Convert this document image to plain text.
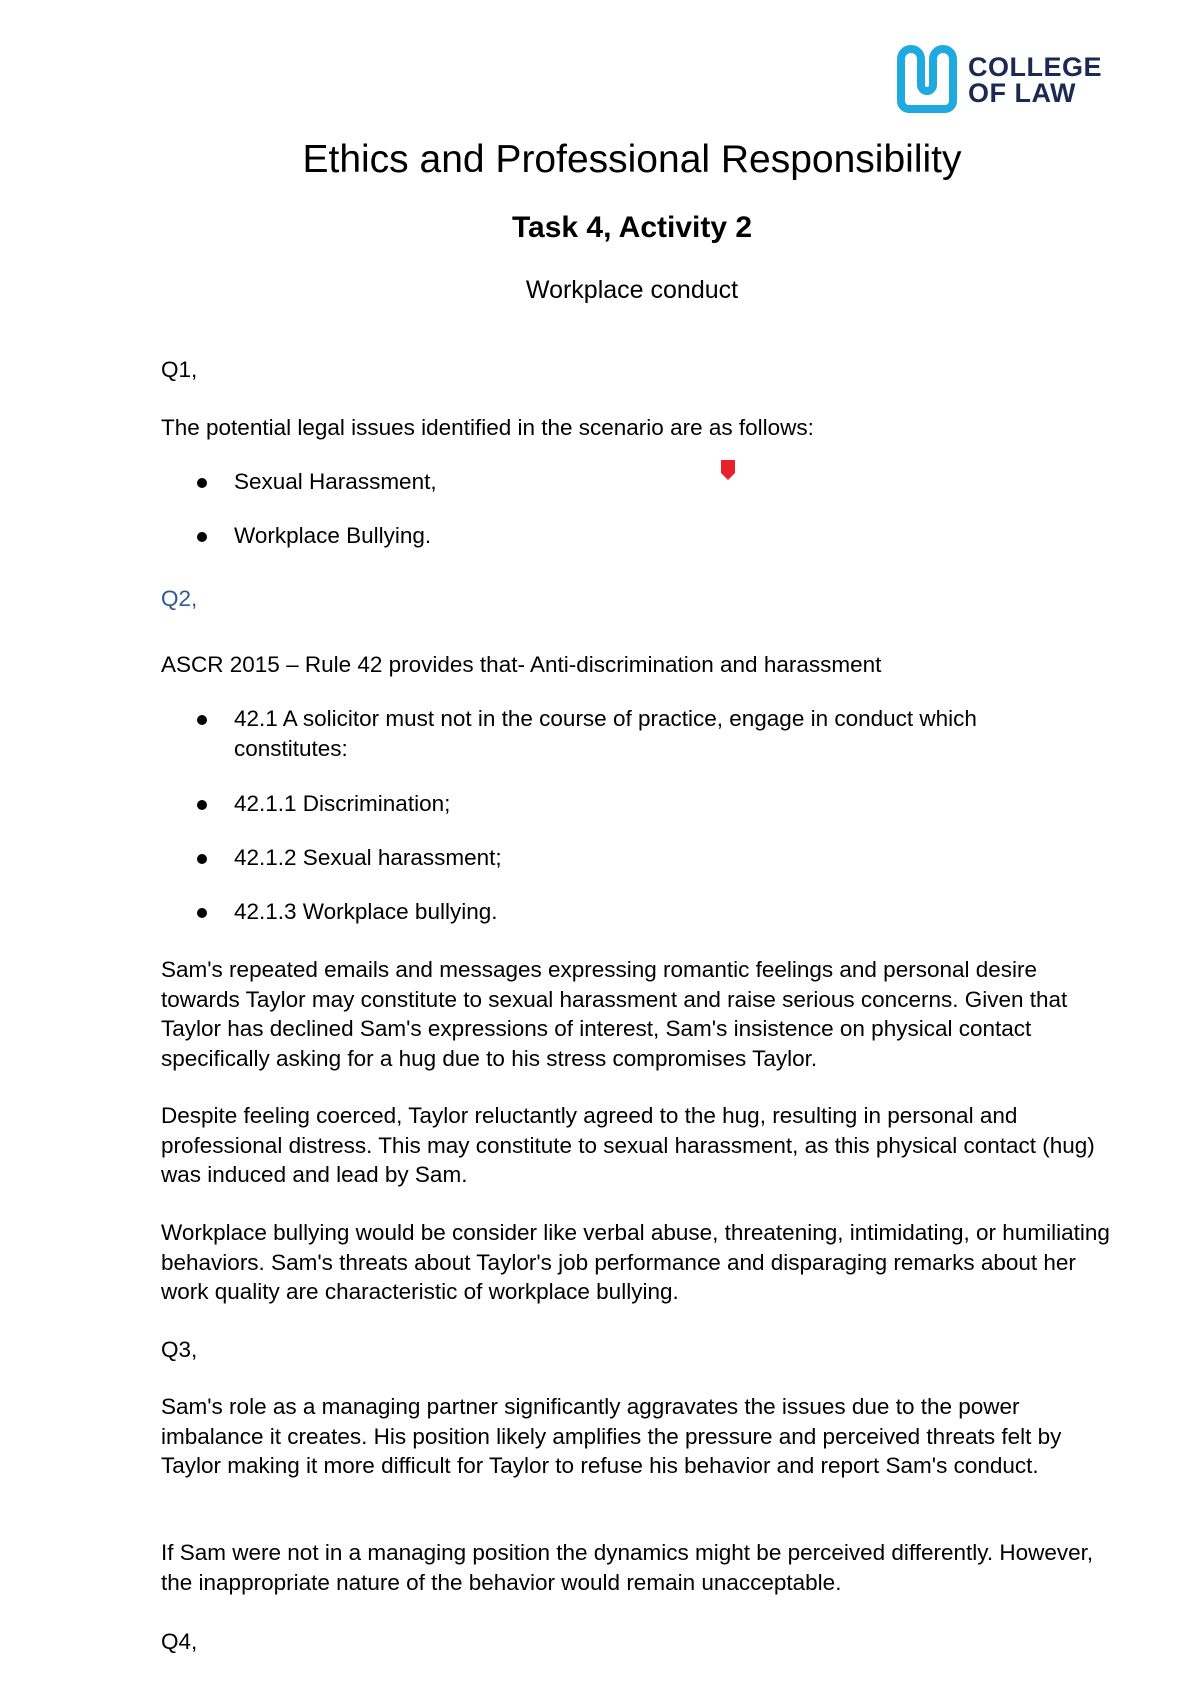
COLLEGE
OF LAW
Ethics and Professional Responsibility
Task 4, Activity 2
Workplace conduct

Q1,

The potential legal issues identified in the scenario are as follows:

Sexual Harassment,

Workplace Bullying.

Q2,

ASCR 2015 – Rule 42 provides that- Anti-discrimination and harassment

42.1 A solicitor must not in the course of practice, engage in conduct which constitutes:

42.1.1 Discrimination;

42.1.2 Sexual harassment;

42.1.3 Workplace bullying.

Sam's repeated emails and messages expressing romantic feelings and personal desire towards Taylor may constitute to sexual harassment and raise serious concerns. Given that Taylor has declined Sam's expressions of interest, Sam's insistence on physical contact specifically asking for a hug due to his stress compromises Taylor.

Despite feeling coerced, Taylor reluctantly agreed to the hug, resulting in personal and professional distress. This may constitute to sexual harassment, as this physical contact (hug) was induced and lead by Sam.

Workplace bullying would be consider like verbal abuse, threatening, intimidating, or humiliating behaviors. Sam's threats about Taylor's job performance and disparaging remarks about her work quality are characteristic of workplace bullying.

Q3,

Sam's role as a managing partner significantly aggravates the issues due to the power imbalance it creates. His position likely amplifies the pressure and perceived threats felt by Taylor making it more difficult for Taylor to refuse his behavior and report Sam's conduct.

If Sam were not in a managing position the dynamics might be perceived differently. However, the inappropriate nature of the behavior would remain unacceptable.

Q4,
